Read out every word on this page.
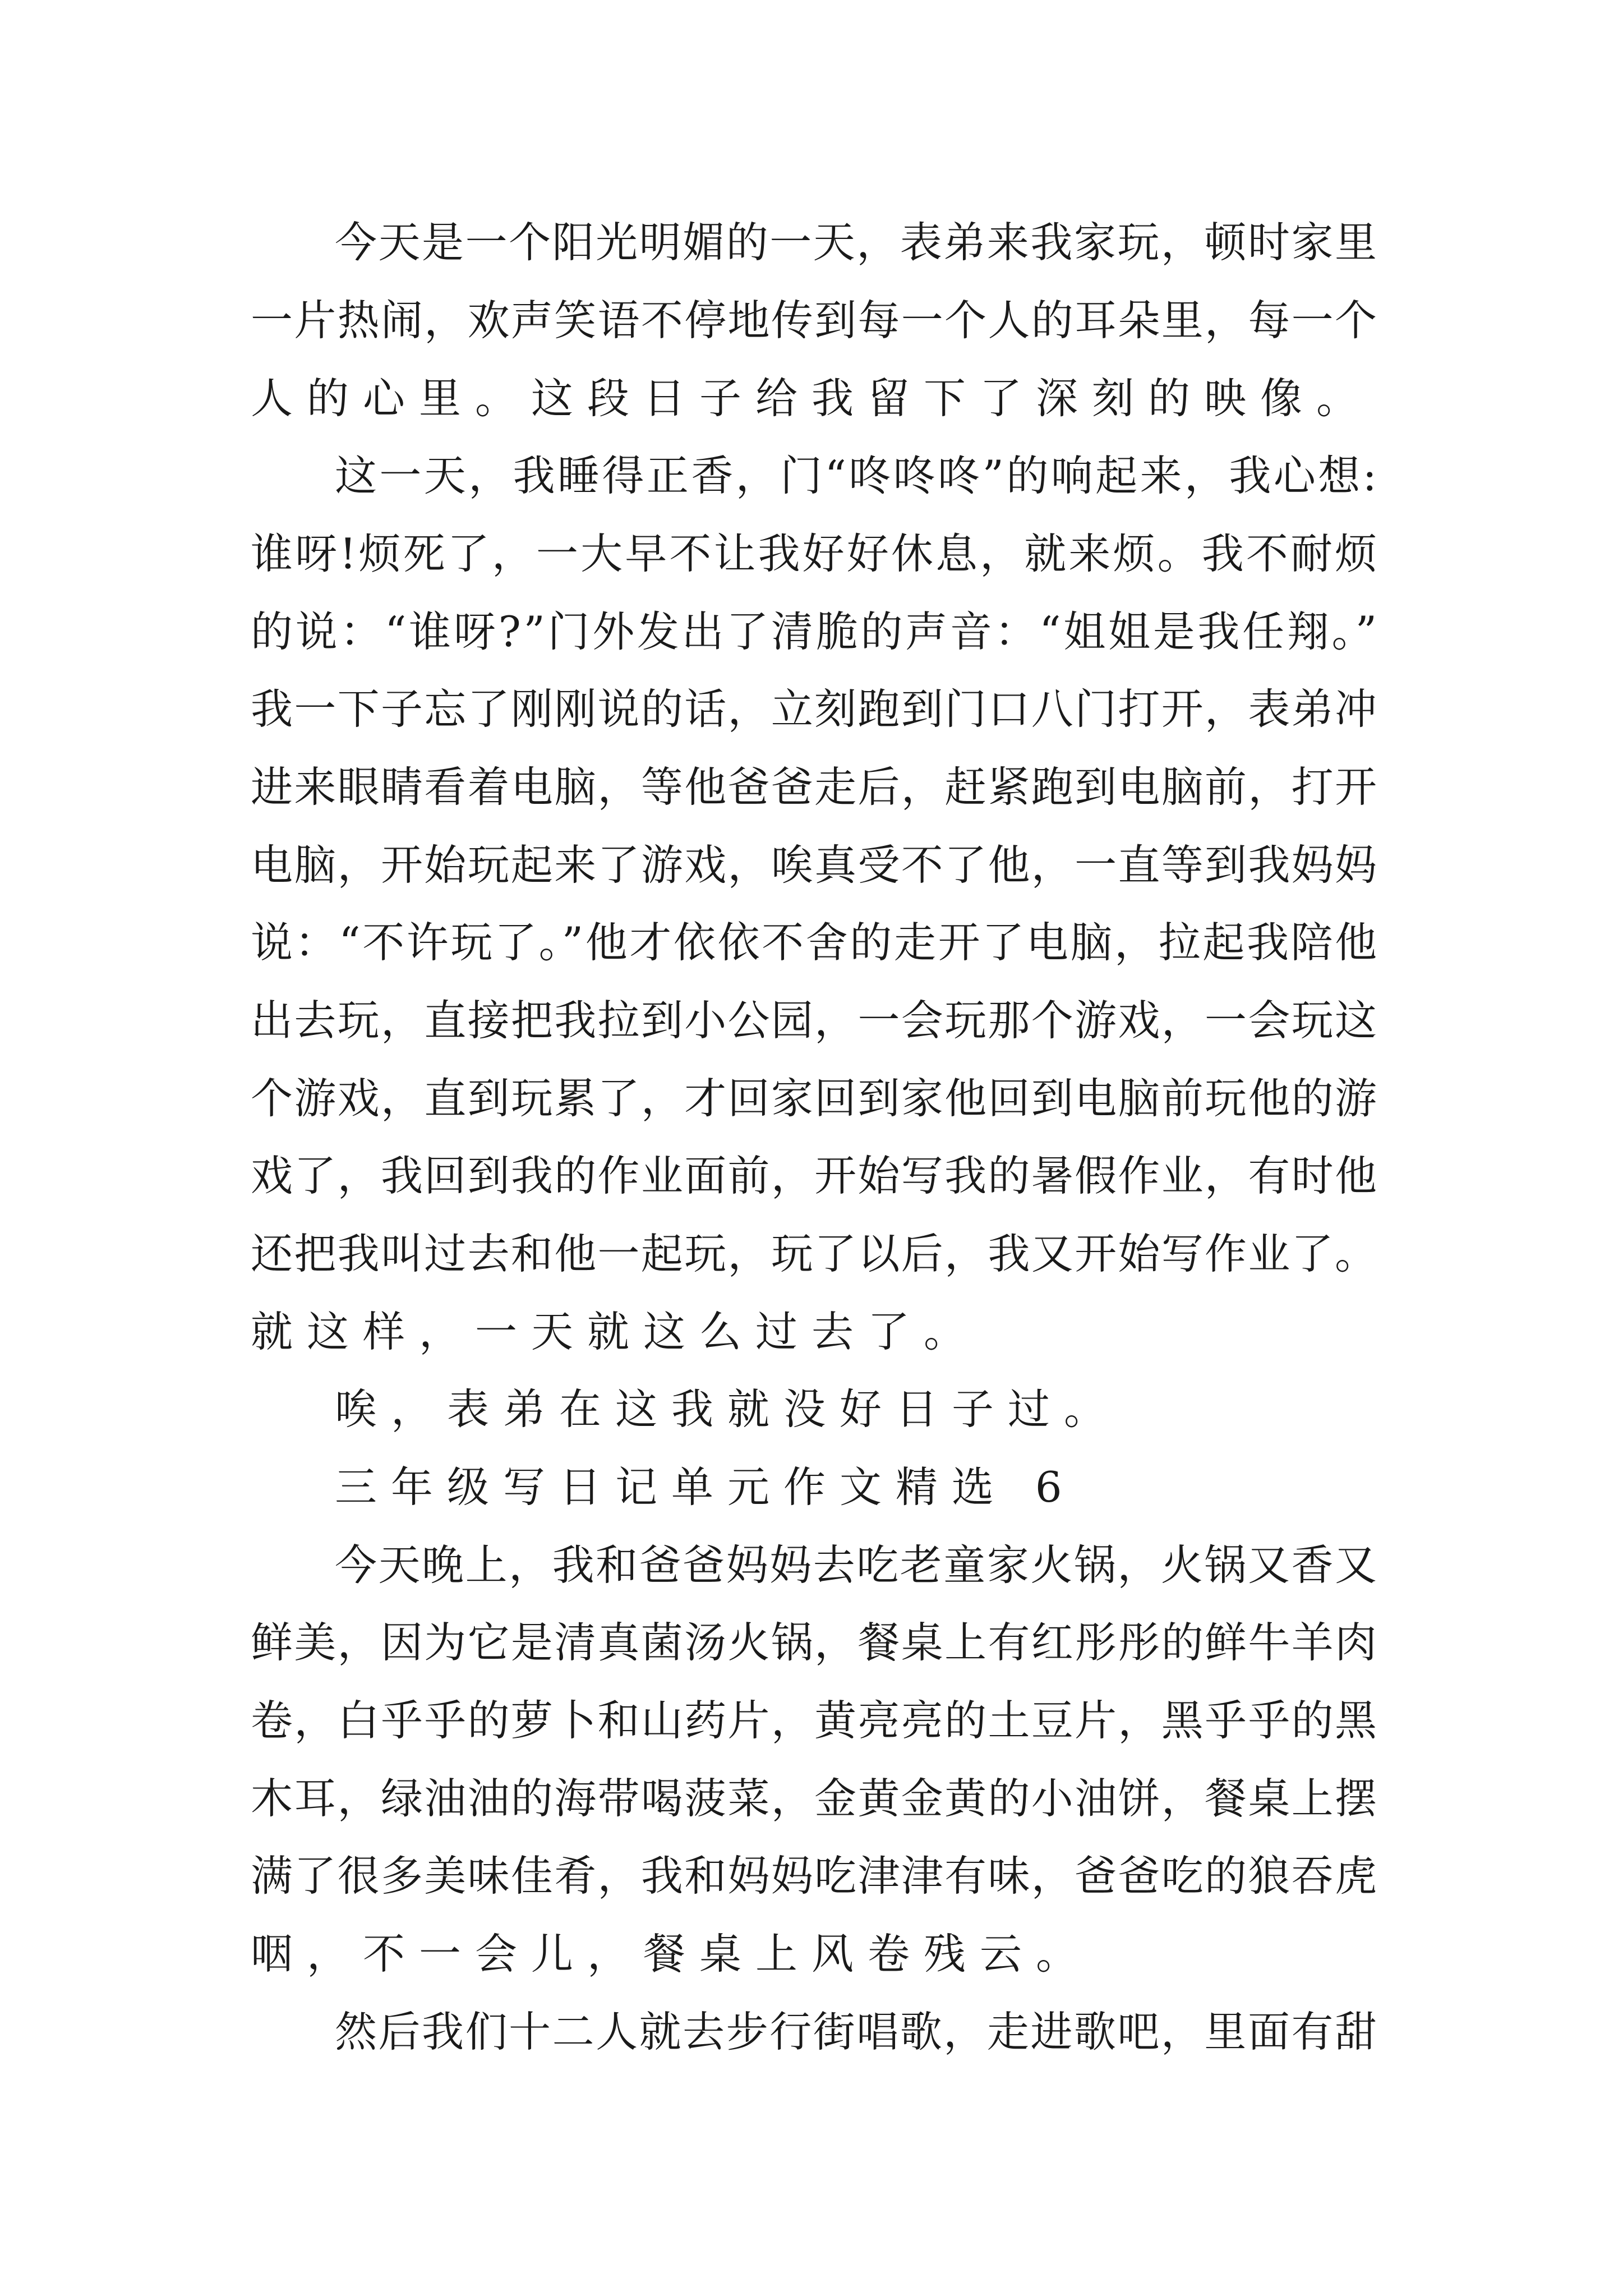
今天是一个阳光明媚的一天，表弟来我家玩，顿时家里
一片热闹，欢声笑语不停地传到每一个人的耳朵里，每一个
人的心里。这段日子给我留下了深刻的映像。
这一天，我睡得正香，门“咚咚咚”的响起来，我心想:
谁呀!烦死了，一大早不让我好好休息，就来烦。我不耐烦
的说：“谁呀?”门外发出了清脆的声音：“姐姐是我任翔。”
我一下子忘了刚刚说的话，立刻跑到门口八门打开，表弟冲
进来眼睛看着电脑，等他爸爸走后，赶紧跑到电脑前，打开
电脑，开始玩起来了游戏，唉真受不了他，一直等到我妈妈
说：“不许玩了。”他才依依不舍的走开了电脑，拉起我陪他
出去玩，直接把我拉到小公园，一会玩那个游戏，一会玩这
个游戏，直到玩累了，才回家回到家他回到电脑前玩他的游
戏了，我回到我的作业面前，开始写我的暑假作业，有时他
还把我叫过去和他一起玩，玩了以后，我又开始写作业了。
就这样，一天就这么过去了。
唉，表弟在这我就没好日子过。
三年级写日记单元作文精选 6
今天晚上，我和爸爸妈妈去吃老童家火锅，火锅又香又
鲜美，因为它是清真菌汤火锅，餐桌上有红彤彤的鲜牛羊肉
卷，白乎乎的萝卜和山药片，黄亮亮的土豆片，黑乎乎的黑
木耳，绿油油的海带喝菠菜，金黄金黄的小油饼，餐桌上摆
满了很多美味佳肴，我和妈妈吃津津有味，爸爸吃的狼吞虎
咽，不一会儿，餐桌上风卷残云。
然后我们十二人就去步行街唱歌，走进歌吧，里面有甜
